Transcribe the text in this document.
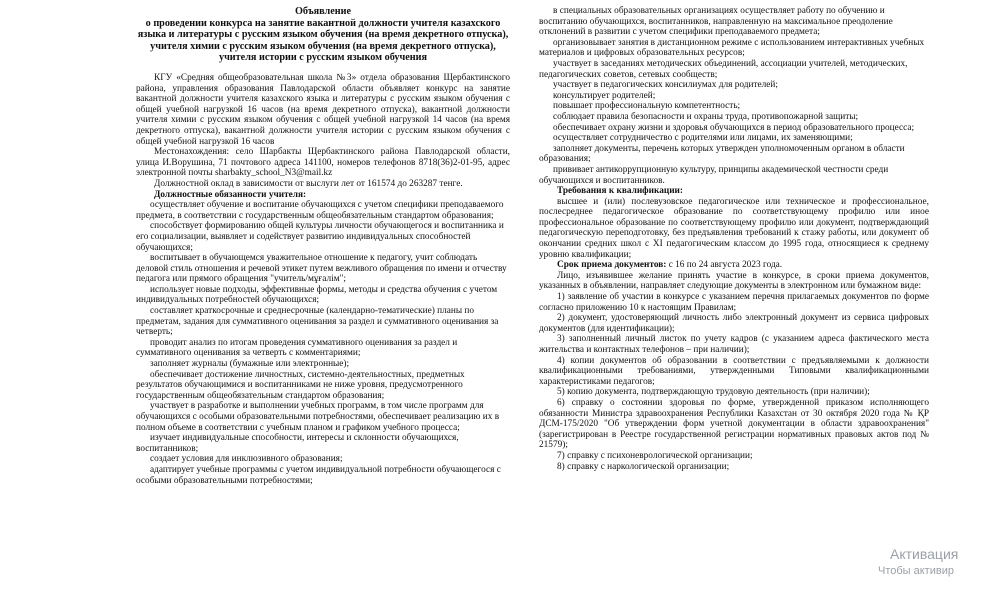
Объявление
о проведении конкурса на занятие вакантной должности учителя казахского
языка и литературы с русским языком обучения (на время декретного отпуска),
учителя химии с русским языком обучения (на время декретного отпуска),
учителя истории с русским языком обучения
КГУ «Средняя общеобразовательная школа №3» отдела образования Щербактинского района, управления образования Павлодарской области объявляет конкурс на занятие вакантной должности учителя казахского языка и литературы с русским языком обучения с общей учебной нагрузкой 16 часов (на время декретного отпуска), вакантной должности учителя химии с русским языком обучения с общей учебной нагрузкой 14 часов (на время декретного отпуска), вакантной должности учителя истории с русским языком обучения с общей учебной нагрузкой 16 часов
Местонахождения: село Шарбакты Щербактинского района Павлодарской области, улица И.Ворушина, 71 почтового адреса 141100, номеров телефонов 8718(36)2-01-95, адрес электронной почты sharbakty_school_N3@mail.kz
Должностной оклад в зависимости от выслуги лет от 161574 до 263287 тенге.
Должностные обязанности учителя:
осуществляет обучение и воспитание обучающихся с учетом специфики преподаваемого предмета, в соответствии с государственным общеобязательным стандартом образования;
способствует формированию общей культуры личности обучающегося и воспитанника и его социализации, выявляет и содействует развитию индивидуальных способностей обучающихся;
воспитывает в обучающемся уважительное отношение к педагогу, учит соблюдать деловой стиль отношения и речевой этикет путем вежливого обращения по имени и отчеству педагога или прямого обращения "учитель/мұғалім";
использует новые подходы, эффективные формы, методы и средства обучения с учетом индивидуальных потребностей обучающихся;
составляет краткосрочные и среднесрочные (календарно-тематические) планы по предметам, задания для суммативного оценивания за раздел и суммативного оценивания за четверть;
проводит анализ по итогам проведения суммативного оценивания за раздел и суммативного оценивания за четверть с комментариями;
заполняет журналы (бумажные или электронные);
обеспечивает достижение личностных, системно-деятельностных, предметных результатов обучающимися и воспитанниками не ниже уровня, предусмотренного государственным общеобязательным стандартом образования;
участвует в разработке и выполнении учебных программ, в том числе программ для обучающихся с особыми образовательными потребностями, обеспечивает реализацию их в полном объеме в соответствии с учебным планом и графиком учебного процесса;
изучает индивидуальные способности, интересы и склонности обучающихся, воспитанников;
создает условия для инклюзивного образования;
адаптирует учебные программы с учетом индивидуальной потребности обучающегося с особыми образовательными потребностями;
в специальных образовательных организациях осуществляет работу по обучению и воспитанию обучающихся, воспитанников, направленную на максимальное преодоление отклонений в развитии с учетом специфики преподаваемого предмета;
организовывает занятия в дистанционном режиме с использованием интерактивных учебных материалов и цифровых образовательных ресурсов;
участвует в заседаниях методических объединений, ассоциации учителей, методических, педагогических советов, сетевых сообществ;
участвует в педагогических консилиумах для родителей;
консультирует родителей;
повышает профессиональную компетентность;
соблюдает правила безопасности и охраны труда, противопожарной защиты;
обеспечивает охрану жизни и здоровья обучающихся в период образовательного процесса;
осуществляет сотрудничество с родителями или лицами, их заменяющими;
заполняет документы, перечень которых утвержден уполномоченным органом в области образования;
прививает антикоррупционную культуру, принципы академической честности среди обучающихся и воспитанников.
Требования к квалификации:
высшее и (или) послевузовское педагогическое или техническое и профессиональное, послесреднее педагогическое образование по соответствующему профилю или иное профессиональное образование по соответствующему профилю или документ, подтверждающий педагогическую переподготовку, без предъявления требований к стажу работы, или документ об окончании средних школ с XI педагогическим классом до 1995 года, относящиеся к среднему уровню квалификации;
Срок приема документов: с 16 по 24 августа 2023 года.
Лицо, изъявившее желание принять участие в конкурсе, в сроки приема документов, указанных в объявлении, направляет следующие документы в электронном или бумажном виде:
1) заявление об участии в конкурсе с указанием перечня прилагаемых документов по форме согласно приложению 10 к настоящим Правилам;
2) документ, удостоверяющий личность либо электронный документ из сервиса цифровых документов (для идентификации);
3) заполненный личный листок по учету кадров (с указанием адреса фактического места жительства и контактных телефонов – при наличии);
4) копии документов об образовании в соответствии с предъявляемыми к должности квалификационными требованиями, утвержденными Типовыми квалификационными характеристиками педагогов;
5) копию документа, подтверждающую трудовую деятельность (при наличии);
6) справку о состоянии здоровья по форме, утвержденной приказом исполняющего обязанности Министра здравоохранения Республики Казахстан от 30 октября 2020 года № ҚР ДСМ-175/2020 "Об утверждении форм учетной документации в области здравоохранения" (зарегистрирован в Реестре государственной регистрации нормативных правовых актов под № 21579);
7) справку с психоневрологической организации;
8) справку с наркологической организации;
Активация
Чтобы активир
